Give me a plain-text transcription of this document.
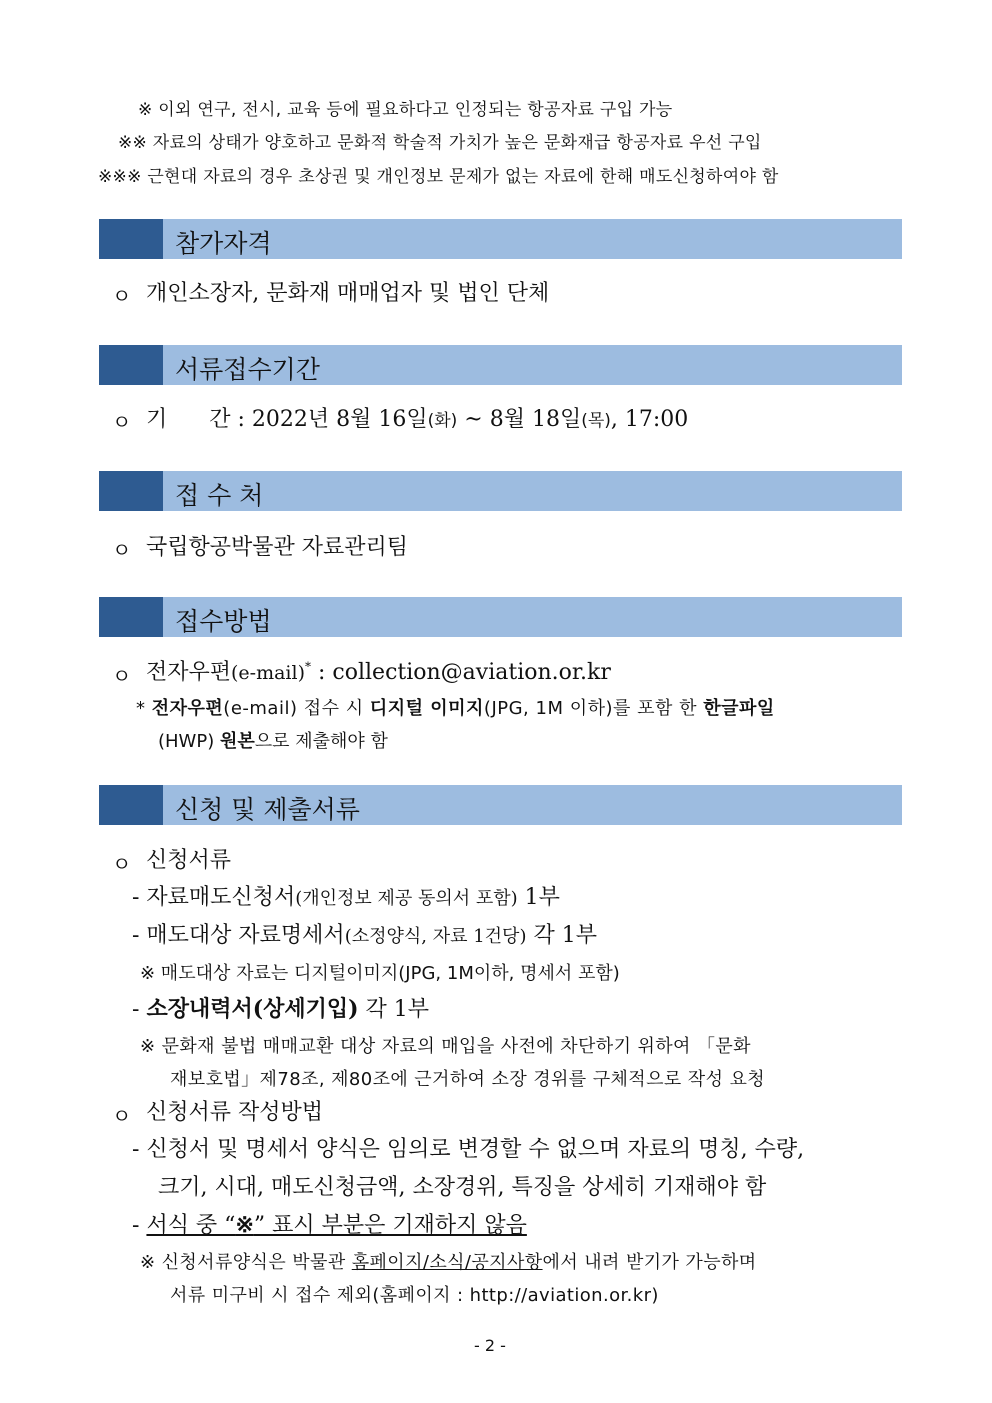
※ 이외 연구, 전시, 교육 등에 필요하다고 인정되는 항공자료 구입 가능
※※ 자료의 상태가 양호하고 문화적 학술적 가치가 높은 문화재급 항공자료 우선 구입
※※※ 근현대 자료의 경우 초상권 및 개인정보 문제가 없는 자료에 한해 매도신청하여야 함
참가자격
ㅇ 개인소장자, 문화재 매매업자 및 법인 단체
서류접수기간
ㅇ 기      간 : 2022년 8월 16일(화) ~ 8월 18일(목), 17:00
접 수 처
ㅇ 국립항공박물관 자료관리팀
접수방법
ㅇ 전자우편(e-mail)* : collection@aviation.or.kr
* 전자우편(e-mail) 접수 시 디지털 이미지(JPG, 1M 이하)를 포함 한 한글파일
(HWP) 원본으로 제출해야 함
신청 및 제출서류
ㅇ 신청서류
- 자료매도신청서(개인정보 제공 동의서 포함) 1부
- 매도대상 자료명세서(소정양식, 자료 1건당) 각 1부
※ 매도대상 자료는 디지털이미지(JPG, 1M이하, 명세서 포함)
- 소장내력서(상세기입) 각 1부
※ 문화재 불법 매매교환 대상 자료의 매입을 사전에 차단하기 위하여 「문화
재보호법」제78조, 제80조에 근거하여 소장 경위를 구체적으로 작성 요청
ㅇ 신청서류 작성방법
- 신청서 및 명세서 양식은 임의로 변경할 수 없으며 자료의 명칭, 수량,
크기, 시대, 매도신청금액, 소장경위, 특징을 상세히 기재해야 함
- 서식 중 “※” 표시 부분은 기재하지 않음
※ 신청서류양식은 박물관 홈페이지/소식/공지사항에서 내려 받기가 가능하며
서류 미구비 시 접수 제외(홈페이지 : http://aviation.or.kr)
- 2 -
